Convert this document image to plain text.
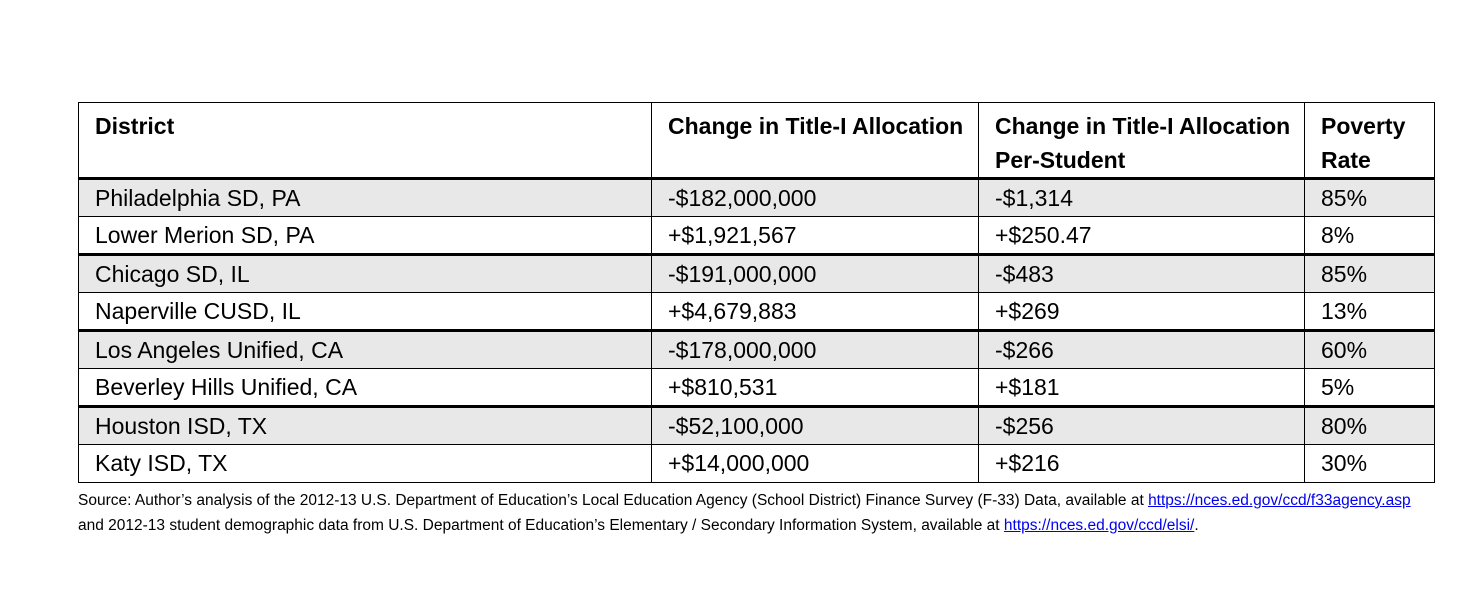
District	Change in Title-I Allocation	Change in Title-I Allocation Per-Student	Poverty Rate
Philadelphia SD, PA	-$182,000,000	-$1,314	85%
Lower Merion SD, PA	+$1,921,567	+$250.47	8%
Chicago SD, IL	-$191,000,000	-$483	85%
Naperville CUSD, IL	+$4,679,883	+$269	13%
Los Angeles Unified, CA	-$178,000,000	-$266	60%
Beverley Hills Unified, CA	+$810,531	+$181	5%
Houston ISD, TX	-$52,100,000	-$256	80%
Katy ISD, TX	+$14,000,000	+$216	30%

Source: Author’s analysis of the 2012-13 U.S. Department of Education’s Local Education Agency (School District) Finance Survey (F-33) Data, available at https://nces.ed.gov/ccd/f33agency.asp and 2012-13 student demographic data from U.S. Department of Education’s Elementary / Secondary Information System, available at https://nces.ed.gov/ccd/elsi/.
